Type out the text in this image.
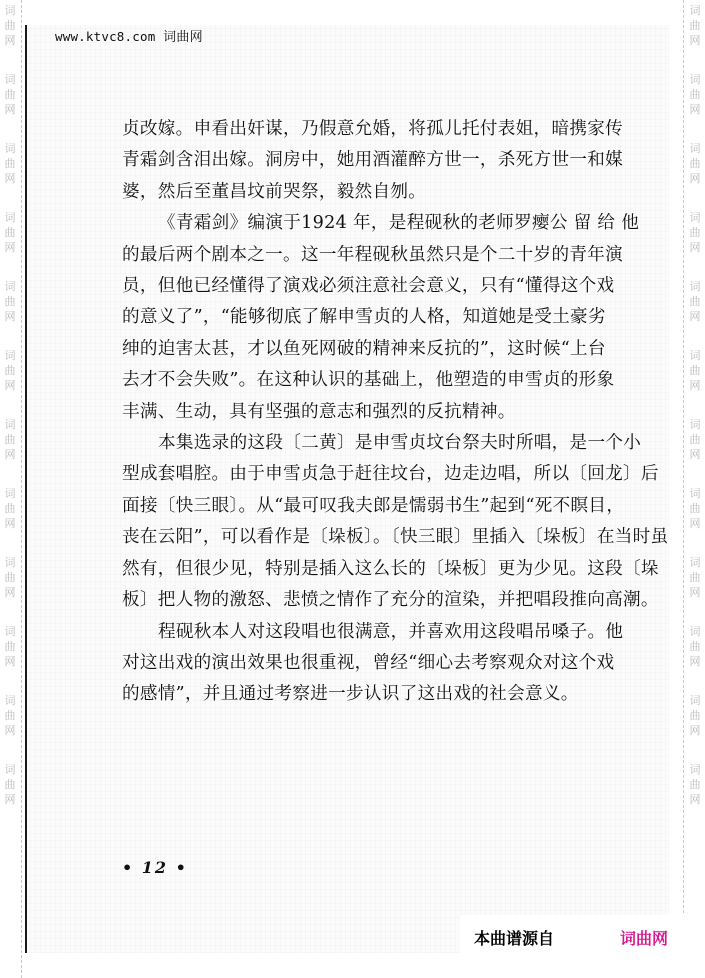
词
曲
网
词
曲
网
词
曲
网
词
曲
网
词
曲
网
词
曲
网
词
曲
网
词
曲
网
词
曲
网
词
曲
网
词
曲
网
词
曲
网
词
曲
网
词
曲
网
词
曲
网
词
曲
网
词
曲
网
词
曲
网
词
曲
网
词
曲
网
词
曲
网
词
曲
网
词
曲
网
词
曲
网
www.ktvc8.com 词曲网

贞改嫁。申看出奸谋，乃假意允婚，将孤儿托付表姐，暗携家传
青霜剑含泪出嫁。洞房中，她用酒灌醉方世一，杀死方世一和媒
婆，然后至董昌坟前哭祭，毅然自刎。

《青霜剑》编演于1924 年，是程砚秋的老师罗瘿公 留 给 他
的最后两个剧本之一。这一年程砚秋虽然只是个二十岁的青年演
员，但他已经懂得了演戏必须注意社会意义，只有“懂得这个戏
的意义了”，“能够彻底了解申雪贞的人格，知道她是受土豪劣
绅的迫害太甚，才以鱼死网破的精神来反抗的”，这时候“上台
去才不会失败”。在这种认识的基础上，他塑造的申雪贞的形象
丰满、生动，具有坚强的意志和强烈的反抗精神。

本集选录的这段〔二黄〕是申雪贞坟台祭夫时所唱，是一个小
型成套唱腔。由于申雪贞急于赶往坟台，边走边唱，所以〔回龙〕后
面接〔快三眼〕。从“最可叹我夫郎是懦弱书生”起到“死不瞑目，
丧在云阳”，可以看作是〔垛板〕。〔快三眼〕里插入〔垛板〕在当时虽
然有，但很少见，特别是插入这么长的〔垛板〕更为少见。这段〔垛
板〕把人物的激怒、悲愤之情作了充分的渲染，并把唱段推向高潮。

程砚秋本人对这段唱也很满意，并喜欢用这段唱吊嗓子。他
对这出戏的演出效果也很重视，曾经“细心去考察观众对这个戏
的感情”，并且通过考察进一步认识了这出戏的社会意义。

• 12 •
本曲谱源自	词曲网
